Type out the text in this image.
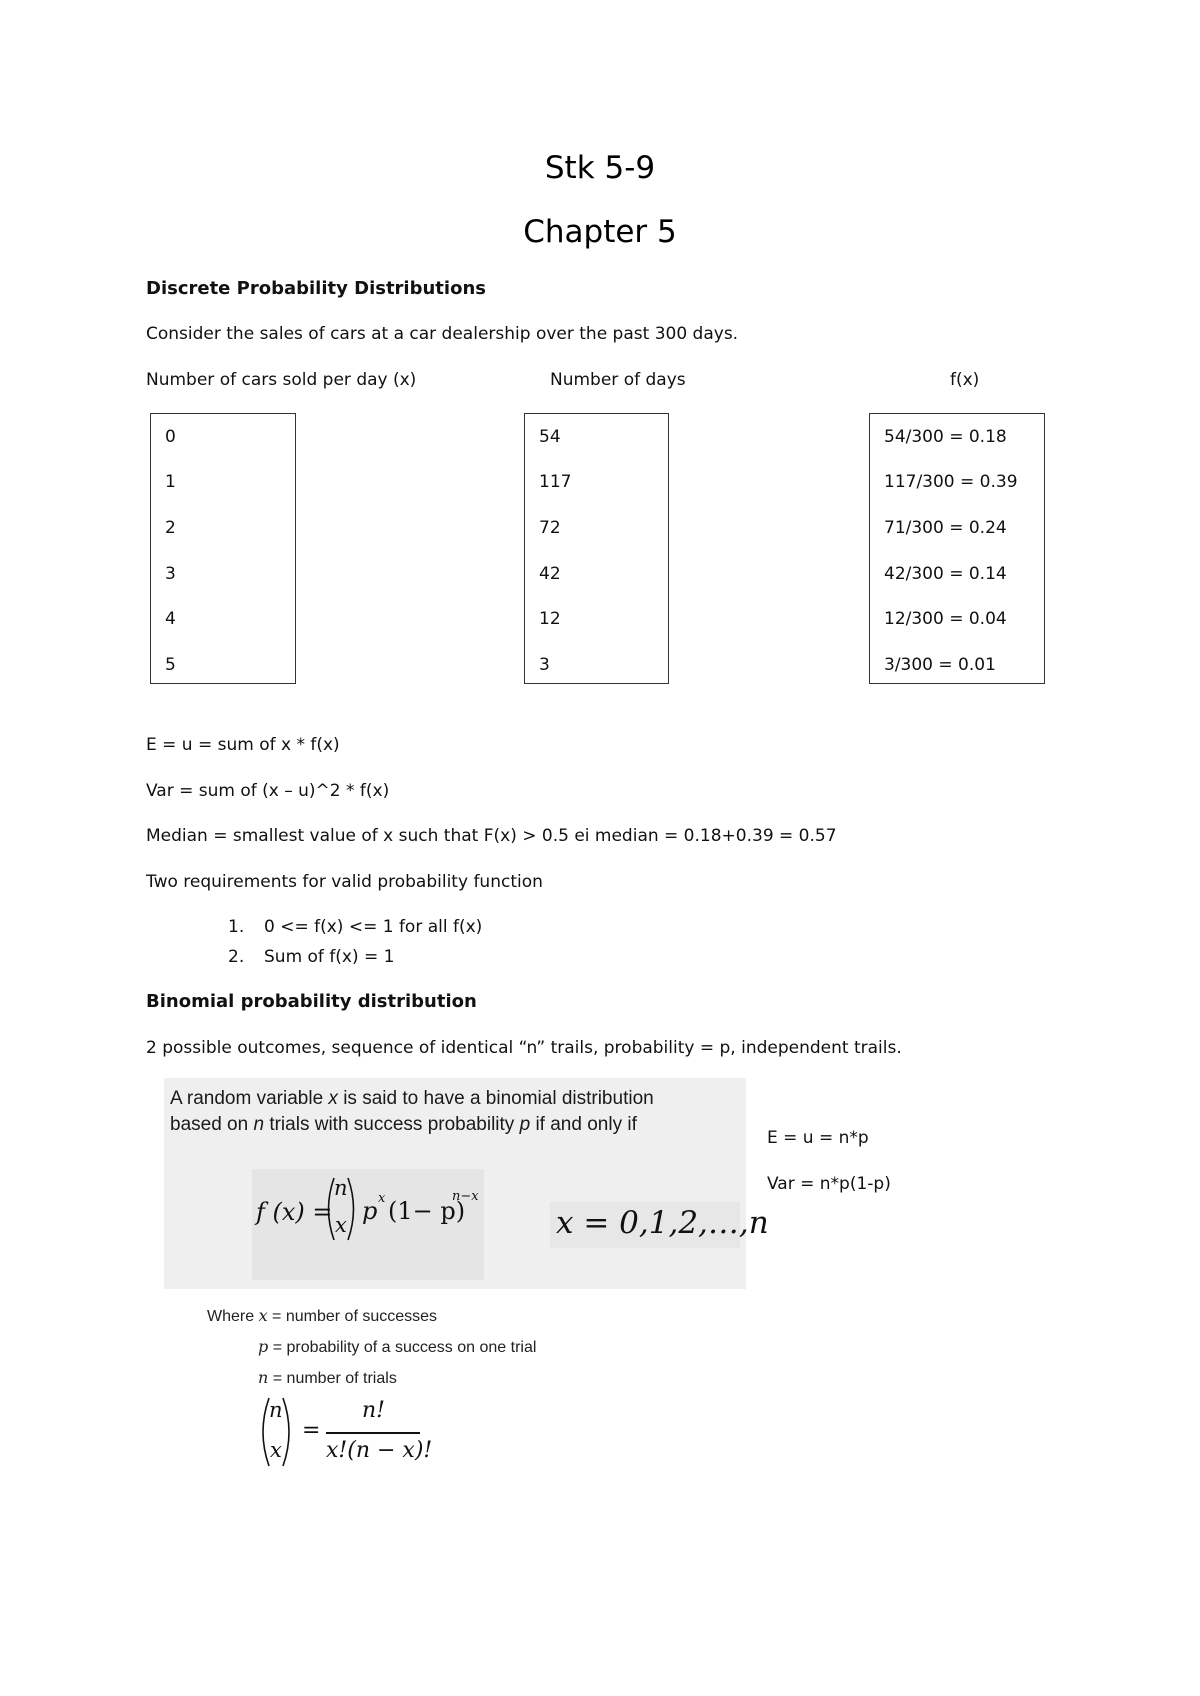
Stk 5-9
Chapter 5
Discrete Probability Distributions
Consider the sales of cars at a car dealership over the past 300 days.
Number of cars sold per day (x)	Number of days	f(x)
0
1
2
3
4
5
54
117
72
42
12
3
54/300 = 0.18
117/300 = 0.39
71/300 = 0.24
42/300 = 0.14
12/300 = 0.04
3/300 = 0.01
E = u = sum of x * f(x)
Var = sum of (x – u)^2 * f(x)
Median = smallest value of x such that F(x) > 0.5 ei median = 0.18+0.39 = 0.57
Two requirements for valid probability function
1. 0 <= f(x) <= 1 for all f(x)
2. Sum of f(x) = 1
Binomial probability distribution
2 possible outcomes, sequence of identical “n” trails, probability = p, independent trails.
A random variable x is said to have a binomial distribution
based on n trials with success probability p if and only if
f (x) =
n
x p x (1− p)
n−x
x = 0,1,2,…,n
E = u = n*p
Var = n*p(1-p)
Where x = number of successes
p = probability of a success on one trial
n = number of trials
n
x
=
n!
x!(n − x)!
